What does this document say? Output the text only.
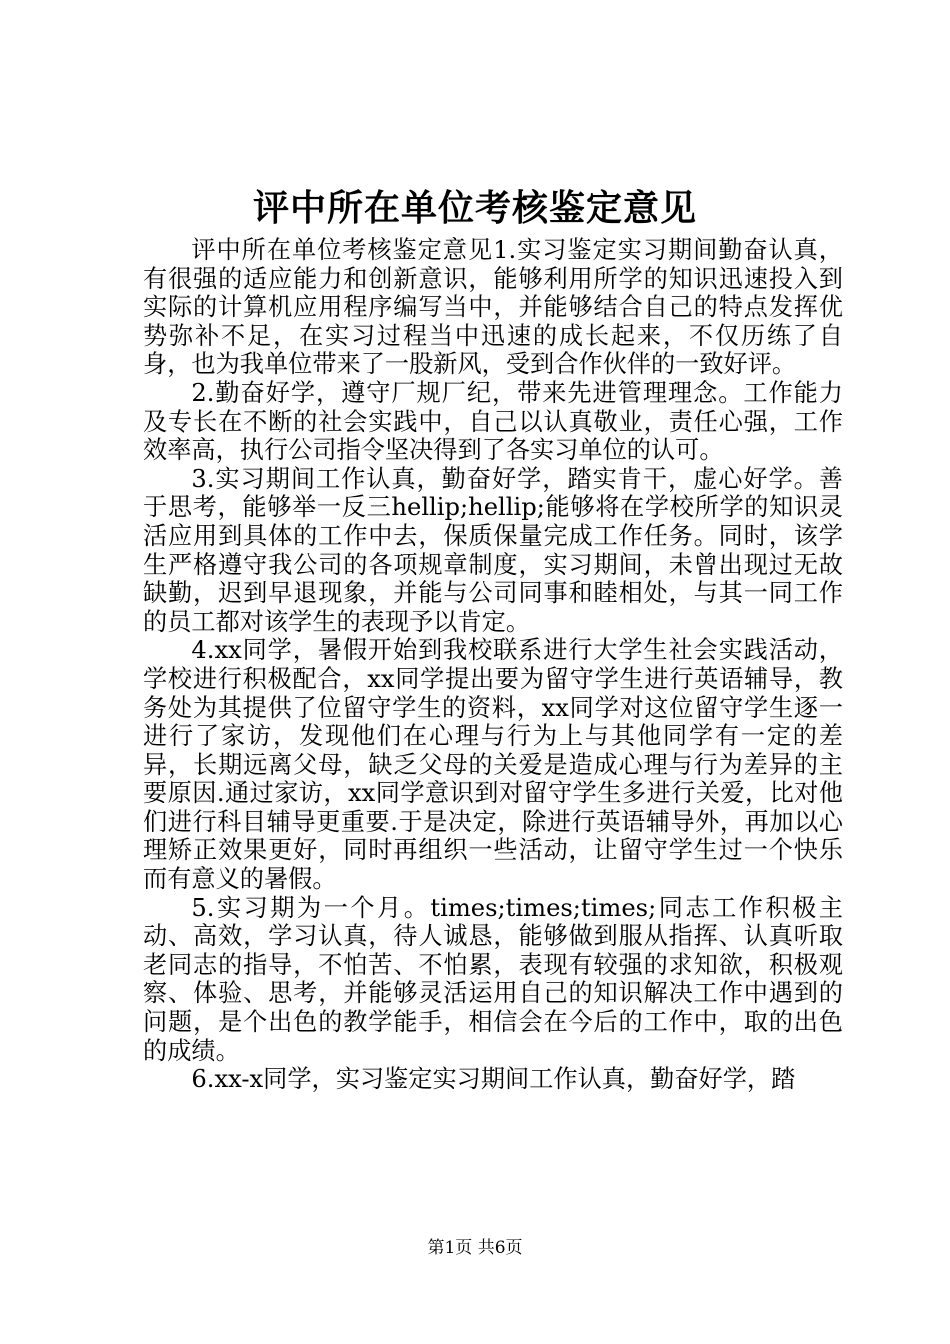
评中所在单位考核鉴定意见

评中所在单位考核鉴定意见1.实习鉴定实习期间勤奋认真，有很强的适应能力和创新意识，能够利用所学的知识迅速投入到实际的计算机应用程序编写当中，并能够结合自己的特点发挥优势弥补不足，在实习过程当中迅速的成长起来，不仅历练了自身，也为我单位带来了一股新风，受到合作伙伴的一致好评。

2.勤奋好学，遵守厂规厂纪，带来先进管理理念。工作能力及专长在不断的社会实践中，自己以认真敬业，责任心强，工作效率高，执行公司指令坚决得到了各实习单位的认可。

3.实习期间工作认真，勤奋好学，踏实肯干，虚心好学。善于思考，能够举一反三hellip;hellip;能够将在学校所学的知识灵活应用到具体的工作中去，保质保量完成工作任务。同时，该学生严格遵守我公司的各项规章制度，实习期间，未曾出现过无故缺勤，迟到早退现象，并能与公司同事和睦相处，与其一同工作的员工都对该学生的表现予以肯定。

4.xx同学，暑假开始到我校联系进行大学生社会实践活动，学校进行积极配合，xx同学提出要为留守学生进行英语辅导，教务处为其提供了位留守学生的资料，xx同学对这位留守学生逐一进行了家访，发现他们在心理与行为上与其他同学有一定的差异，长期远离父母，缺乏父母的关爱是造成心理与行为差异的主要原因.通过家访，xx同学意识到对留守学生多进行关爱，比对他们进行科目辅导更重要.于是决定，除进行英语辅导外，再加以心理矫正效果更好，同时再组织一些活动，让留守学生过一个快乐而有意义的暑假。

5.实习期为一个月。times;times;times;同志工作积极主动、高效，学习认真，待人诚恳，能够做到服从指挥、认真听取老同志的指导，不怕苦、不怕累，表现有较强的求知欲，积极观察、体验、思考，并能够灵活运用自己的知识解决工作中遇到的问题，是个出色的教学能手，相信会在今后的工作中，取的出色的成绩。

6.xx-x同学，实习鉴定实习期间工作认真，勤奋好学，踏

第1页 共6页
